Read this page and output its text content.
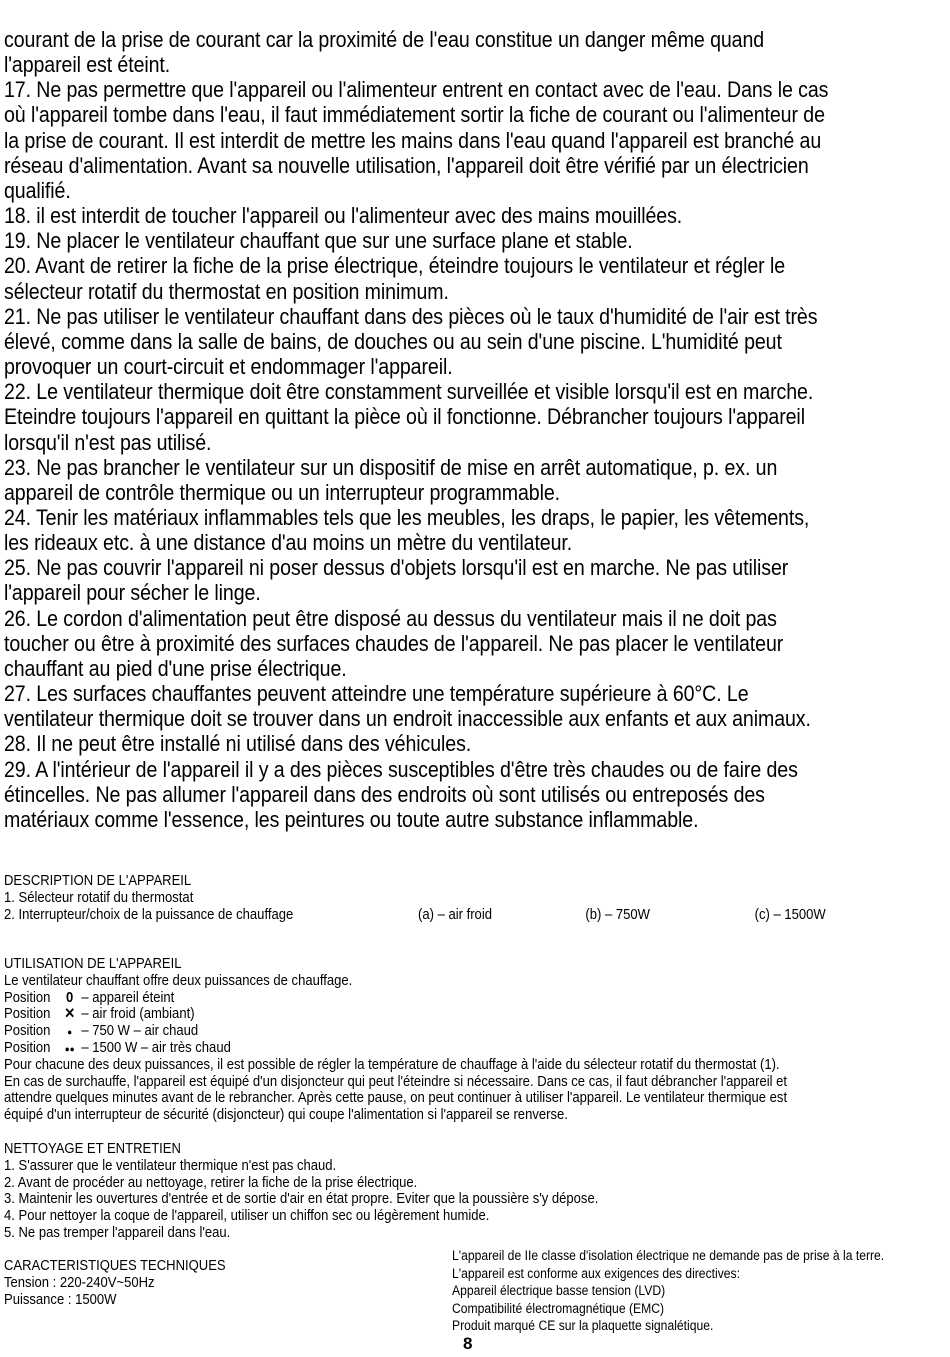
courant de la prise de courant car la proximité de l'eau constitue un danger même quand l'appareil est éteint.

17. Ne pas permettre que l'appareil ou l'alimenteur entrent en contact avec de l'eau. Dans le cas où l'appareil tombe dans l'eau, il faut immédiatement sortir la fiche de courant ou l'alimenteur de la prise de courant. Il est interdit de mettre les mains dans l'eau quand l'appareil est branché au réseau d'alimentation. Avant sa nouvelle utilisation, l'appareil doit être vérifié par un électricien qualifié.

18. il est interdit de toucher l'appareil ou l'alimenteur avec des mains mouillées.

19. Ne placer le ventilateur chauffant que sur une surface plane et stable.

20. Avant de retirer la fiche de la prise électrique, éteindre toujours le ventilateur et régler le sélecteur rotatif du thermostat en position minimum.

21. Ne pas utiliser le ventilateur chauffant dans des pièces où le taux d'humidité de l'air est très élevé, comme dans la salle de bains, de douches ou au sein d'une piscine. L'humidité peut provoquer un court-circuit et endommager l'appareil.

22. Le ventilateur thermique doit être constamment surveillée et visible lorsqu'il est en marche. Eteindre toujours l'appareil en quittant la pièce où il fonctionne. Débrancher toujours l'appareil lorsqu'il n'est pas utilisé.

23. Ne pas brancher le ventilateur sur un dispositif de mise en arrêt automatique, p. ex. un appareil de contrôle thermique ou un interrupteur programmable.

24. Tenir les matériaux inflammables tels que les meubles, les draps, le papier, les vêtements, les rideaux etc. à une distance d'au moins un mètre du ventilateur.

25. Ne pas couvrir l'appareil ni poser dessus d'objets lorsqu'il est en marche. Ne pas utiliser l'appareil pour sécher le linge.

26. Le cordon d'alimentation peut être disposé au dessus du ventilateur mais il ne doit pas toucher ou être à proximité des surfaces chaudes de l'appareil. Ne pas placer le ventilateur chauffant au pied d'une prise électrique.

27. Les surfaces chauffantes peuvent atteindre une température supérieure à 60°C. Le ventilateur thermique doit se trouver dans un endroit inaccessible aux enfants et aux animaux.

28. Il ne peut être installé ni utilisé dans des véhicules.

29. A l'intérieur de l'appareil il y a des pièces susceptibles d'être très chaudes ou de faire des étincelles. Ne pas allumer l'appareil dans des endroits où sont utilisés ou entreposés des matériaux comme l'essence, les peintures ou toute autre substance inflammable.

DESCRIPTION DE L'APPAREIL

1. Sélecteur rotatif du thermostat

2. Interrupteur/choix de la puissance de chauffage	(a) – air froid	(b) – 750W	(c) – 1500W

UTILISATION DE L'APPAREIL

Le ventilateur chauffant offre deux puissances de chauffage.

Position 0 – appareil éteint
Position ✕ – air froid (ambiant)
Position ● – 750 W – air chaud
Position ●● – 1500 W – air très chaud

Pour chacune des deux puissances, il est possible de régler la température de chauffage à l'aide du sélecteur rotatif du thermostat (1).

En cas de surchauffe, l'appareil est équipé d'un disjoncteur qui peut l'éteindre si nécessaire. Dans ce cas, il faut débrancher l'appareil et

attendre quelques minutes avant de le rebrancher. Après cette pause, on peut continuer à utiliser l'appareil. Le ventilateur thermique est

équipé d'un interrupteur de sécurité (disjoncteur) qui coupe l'alimentation si l'appareil se renverse.

NETTOYAGE ET ENTRETIEN

1. S'assurer que le ventilateur thermique n'est pas chaud.

2. Avant de procéder au nettoyage, retirer la fiche de la prise électrique.

3. Maintenir les ouvertures d'entrée et de sortie d'air en état propre. Eviter que la poussière s'y dépose.

4. Pour nettoyer la coque de l'appareil, utiliser un chiffon sec ou légèrement humide.

5. Ne pas tremper l'appareil dans l'eau.

CARACTERISTIQUES TECHNIQUES

Tension : 220-240V~50Hz

Puissance : 1500W

L'appareil de IIe classe d'isolation électrique ne demande pas de prise à la terre.

L'appareil est conforme aux exigences des directives:

Appareil électrique basse tension (LVD)

Compatibilité électromagnétique (EMC)

Produit marqué CE sur la plaquette signalétique.

8
